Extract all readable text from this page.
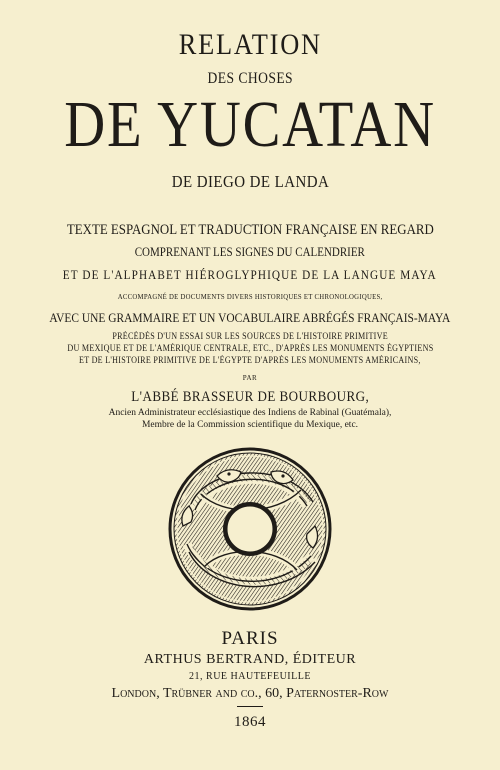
RELATION
DES CHOSES
DE YUCATAN
DE DIEGO DE LANDA
TEXTE ESPAGNOL ET TRADUCTION FRANÇAISE EN REGARD
COMPRENANT LES SIGNES DU CALENDRIER
ET DE L'ALPHABET HIÉROGLYPHIQUE DE LA LANGUE MAYA
ACCOMPAGNÉ DE DOCUMENTS DIVERS HISTORIQUES ET CHRONOLOGIQUES,
AVEC UNE GRAMMAIRE ET UN VOCABULAIRE ABRÉGÉS FRANÇAIS-MAYA
PRÉCÉDÉS D'UN ESSAI SUR LES SOURCES DE L'HISTOIRE PRIMITIVE
DU MEXIQUE ET DE L'AMÉRIQUE CENTRALE, ETC., D'APRÈS LES MONUMENTS ÉGYPTIENS
ET DE L'HISTOIRE PRIMITIVE DE L'ÉGYPTE D'APRÈS LES MONUMENTS AMÉRICAINS,
PAR
L'ABBÉ BRASSEUR DE BOURBOURG,
Ancien Administrateur ecclésiastique des Indiens de Rabinal (Guatémala),
Membre de la Commission scientifique du Mexique, etc.
PARIS
ARTHUS BERTRAND, ÉDITEUR
21, RUE HAUTEFEUILLE
London, Trübner and co., 60, Paternoster-Row
1864
